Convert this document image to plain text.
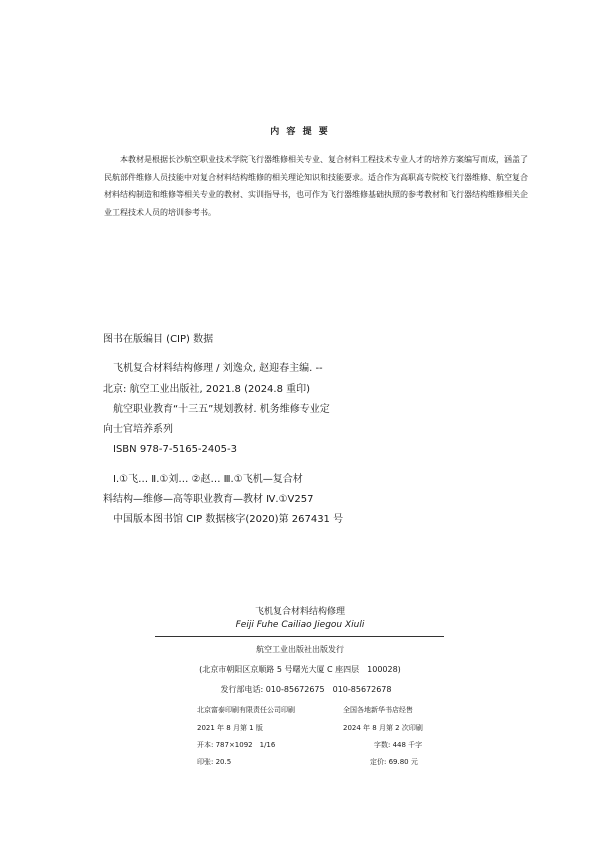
内 容 提 要

本教材是根据长沙航空职业技术学院飞行器维修相关专业、复合材料工程技术专业人才的培养方案编写而成，涵盖了民航部件维修人员技能中对复合材料结构维修的相关理论知识和技能要求。适合作为高职高专院校飞行器维修、航空复合材料结构制造和维修等相关专业的教材、实训指导书，也可作为飞行器维修基础执照的参考教材和飞行器结构维修相关企业工程技术人员的培训参考书。

图书在版编目 (CIP) 数据
飞机复合材料结构修理 / 刘逸众, 赵迎春主编. --
北京: 航空工业出版社, 2021.8 (2024.8 重印)
航空职业教育“十三五”规划教材. 机务维修专业定
向士官培养系列
ISBN 978-7-5165-2405-3
Ⅰ.①飞… Ⅱ.①刘… ②赵… Ⅲ.①飞机—复合材
料结构—维修—高等职业教育—教材 Ⅳ.①V257
中国版本图书馆 CIP 数据核字(2020)第 267431 号
飞机复合材料结构修理
Feiji Fuhe Cailiao Jiegou Xiuli
航空工业出版社出版发行
(北京市朝阳区京顺路 5 号曙光大厦 C 座四层　100028)
发行部电话: 010-85672675　010-85672678
北京富泰印刷有限责任公司印刷	全国各地新华书店经售
2021 年 8 月第 1 版	2024 年 8 月第 2 次印刷
开本: 787×1092　1/16	字数: 448 千字
印张: 20.5	定价: 69.80 元
